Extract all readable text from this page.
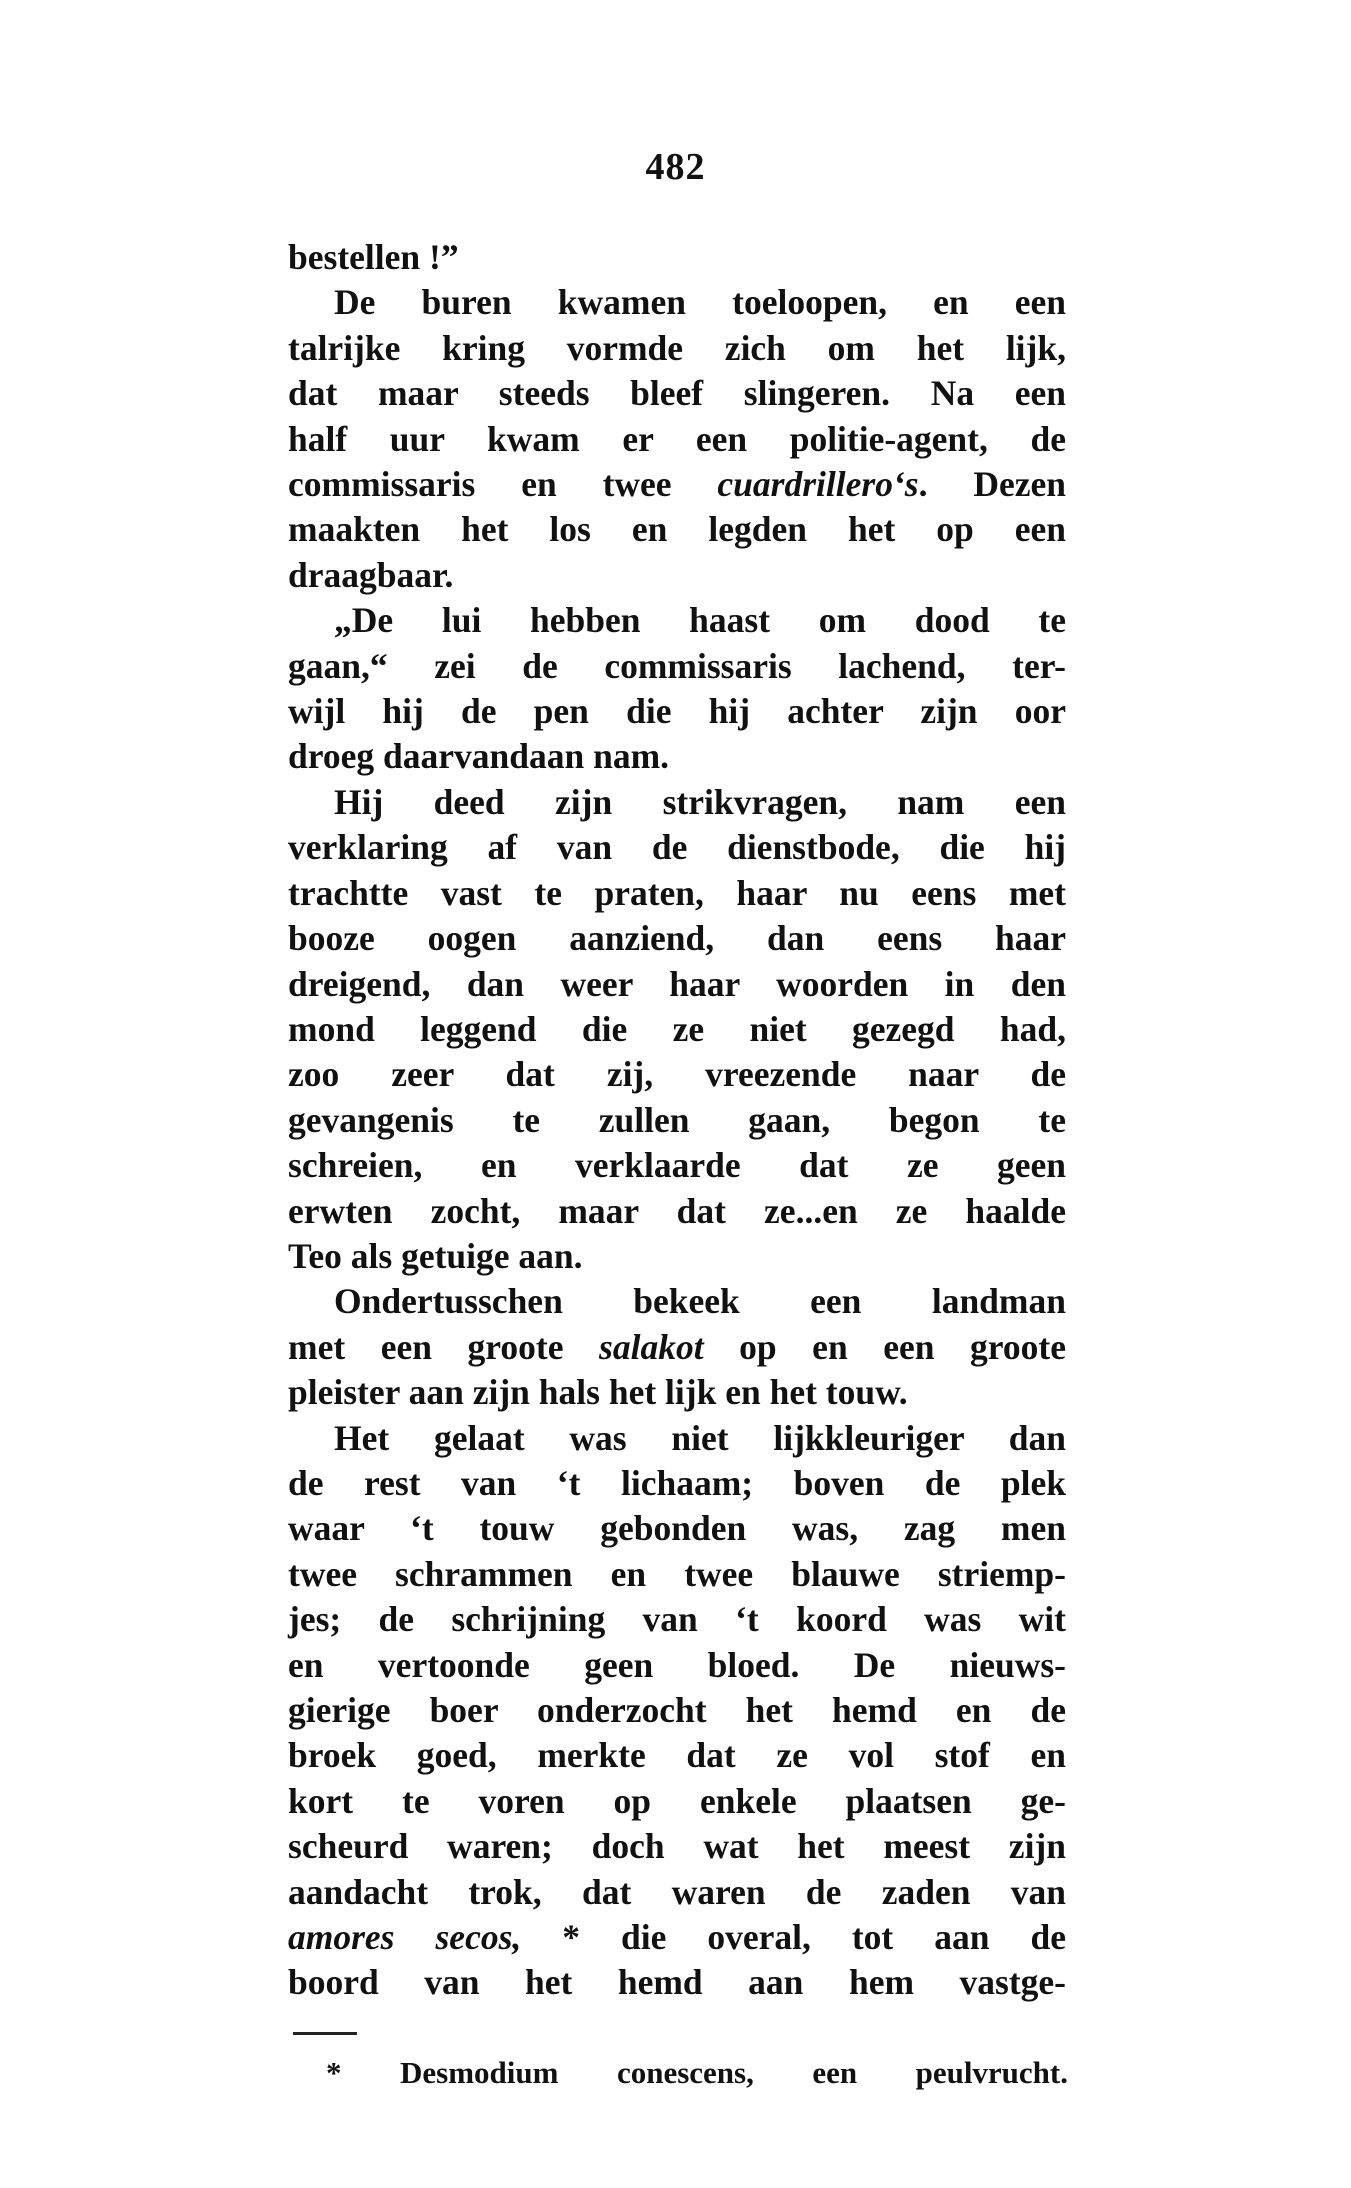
482
bestellen !”
De buren kwamen toeloopen, en een
talrijke kring vormde zich om het lijk,
dat maar steeds bleef slingeren. Na een
half uur kwam er een politie-agent, de
commissaris en twee cuardrillero‘s. Dezen
maakten het los en legden het op een
draagbaar.
„De lui hebben haast om dood te
gaan,“ zei de commissaris lachend, ter-
wijl hij de pen die hij achter zijn oor
droeg daarvandaan nam.
Hij deed zijn strikvragen, nam een
verklaring af van de dienstbode, die hij
trachtte vast te praten, haar nu eens met
booze oogen aanziend, dan eens haar
dreigend, dan weer haar woorden in den
mond leggend die ze niet gezegd had,
zoo zeer dat zij, vreezende naar de
gevangenis te zullen gaan, begon te
schreien, en verklaarde dat ze geen
erwten zocht, maar dat ze...en ze haalde
Teo als getuige aan.
Ondertusschen bekeek een landman
met een groote salakot op en een groote
pleister aan zijn hals het lijk en het touw.
Het gelaat was niet lijkkleuriger dan
de rest van ‘t lichaam; boven de plek
waar ‘t touw gebonden was, zag men
twee schrammen en twee blauwe striemp-
jes; de schrijning van ‘t koord was wit
en vertoonde geen bloed. De nieuws-
gierige boer onderzocht het hemd en de
broek goed, merkte dat ze vol stof en
kort te voren op enkele plaatsen ge-
scheurd waren; doch wat het meest zijn
aandacht trok, dat waren de zaden van
amores secos, * die overal, tot aan de
boord van het hemd aan hem vastge-
* Desmodium conescens, een peulvrucht.
